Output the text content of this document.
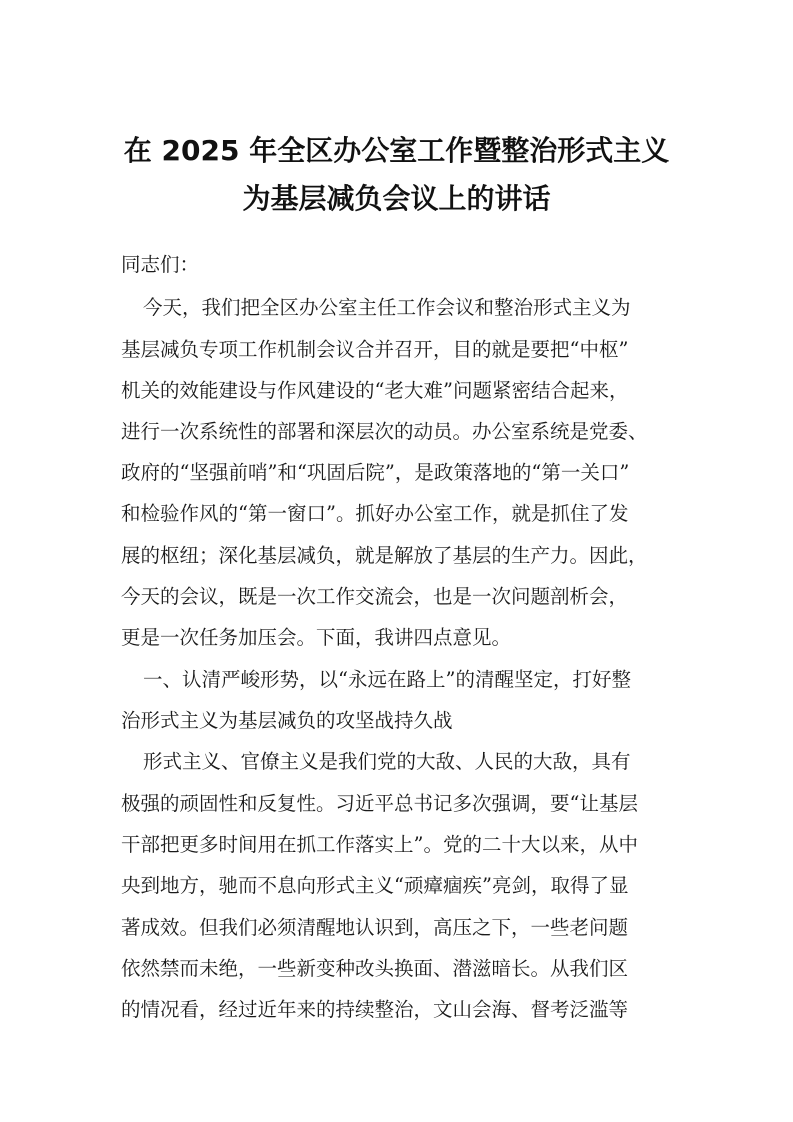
在 2025 年全区办公室工作暨整治形式主义
为基层减负会议上的讲话
同志们：
今天，我们把全区办公室主任工作会议和整治形式主义为
基层减负专项工作机制会议合并召开，目的就是要把“中枢”
机关的效能建设与作风建设的“老大难”问题紧密结合起来，
进行一次系统性的部署和深层次的动员。办公室系统是党委、
政府的“坚强前哨”和“巩固后院”，是政策落地的“第一关口”
和检验作风的“第一窗口”。抓好办公室工作，就是抓住了发
展的枢纽；深化基层减负，就是解放了基层的生产力。因此，
今天的会议，既是一次工作交流会，也是一次问题剖析会，
更是一次任务加压会。下面，我讲四点意见。
一、认清严峻形势，以“永远在路上”的清醒坚定，打好整
治形式主义为基层减负的攻坚战持久战
形式主义、官僚主义是我们党的大敌、人民的大敌，具有
极强的顽固性和反复性。习近平总书记多次强调，要“让基层
干部把更多时间用在抓工作落实上”。党的二十大以来，从中
央到地方，驰而不息向形式主义“顽瘴痼疾”亮剑，取得了显
著成效。但我们必须清醒地认识到，高压之下，一些老问题
依然禁而未绝，一些新变种改头换面、潜滋暗长。从我们区
的情况看，经过近年来的持续整治，文山会海、督考泛滥等
